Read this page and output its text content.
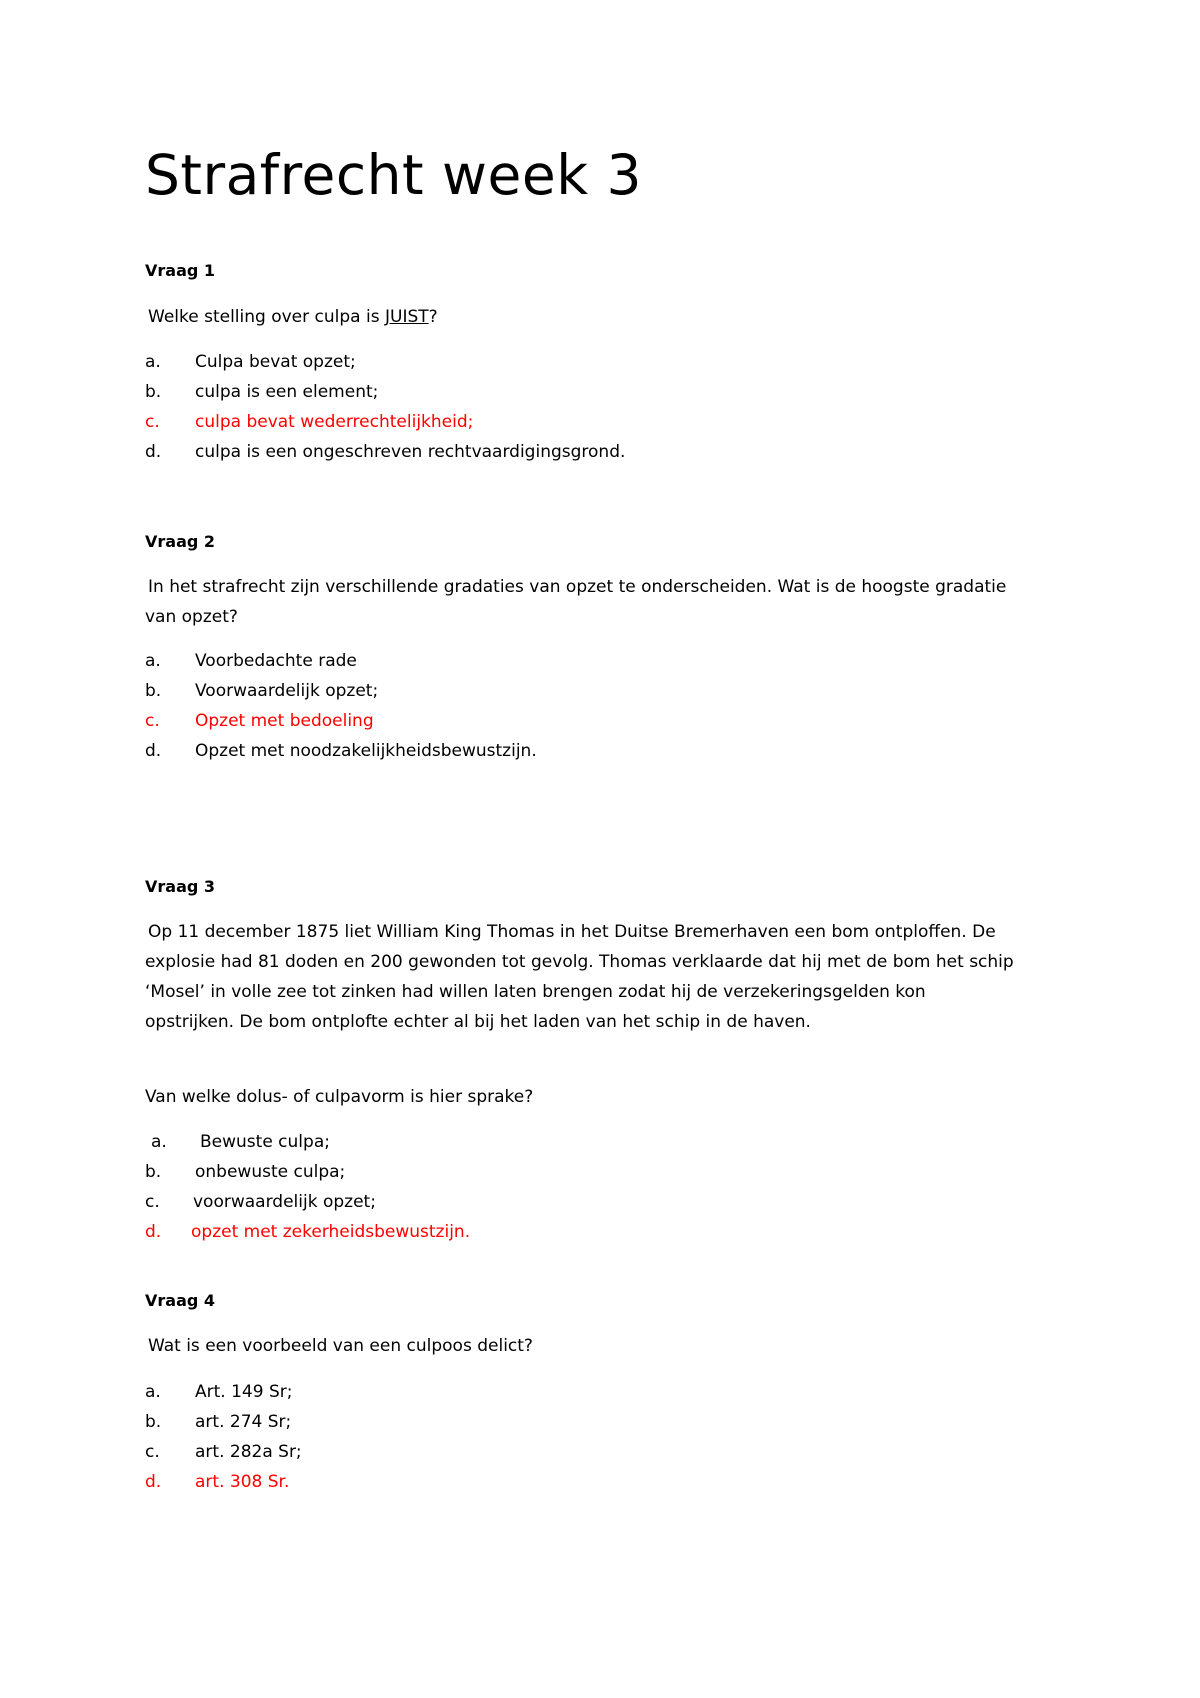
Strafrecht week 3
Vraag 1
Welke stelling over culpa is JUIST?
a. Culpa bevat opzet;
b. culpa is een element;
c. culpa bevat wederrechtelijkheid;
d. culpa is een ongeschreven rechtvaardigingsgrond.
Vraag 2
In het strafrecht zijn verschillende gradaties van opzet te onderscheiden. Wat is de hoogste gradatie
van opzet?
a. Voorbedachte rade
b. Voorwaardelijk opzet;
c. Opzet met bedoeling
d. Opzet met noodzakelijkheidsbewustzijn.
Vraag 3
Op 11 december 1875 liet William King Thomas in het Duitse Bremerhaven een bom ontploffen. De
explosie had 81 doden en 200 gewonden tot gevolg. Thomas verklaarde dat hij met de bom het schip
‘Mosel’ in volle zee tot zinken had willen laten brengen zodat hij de verzekeringsgelden kon
opstrijken. De bom ontplofte echter al bij het laden van het schip in de haven.
Van welke dolus- of culpavorm is hier sprake?
a. Bewuste culpa;
b. onbewuste culpa;
c. voorwaardelijk opzet;
d. opzet met zekerheidsbewustzijn.
Vraag 4
Wat is een voorbeeld van een culpoos delict?
a. Art. 149 Sr;
b. art. 274 Sr;
c. art. 282a Sr;
d. art. 308 Sr.
